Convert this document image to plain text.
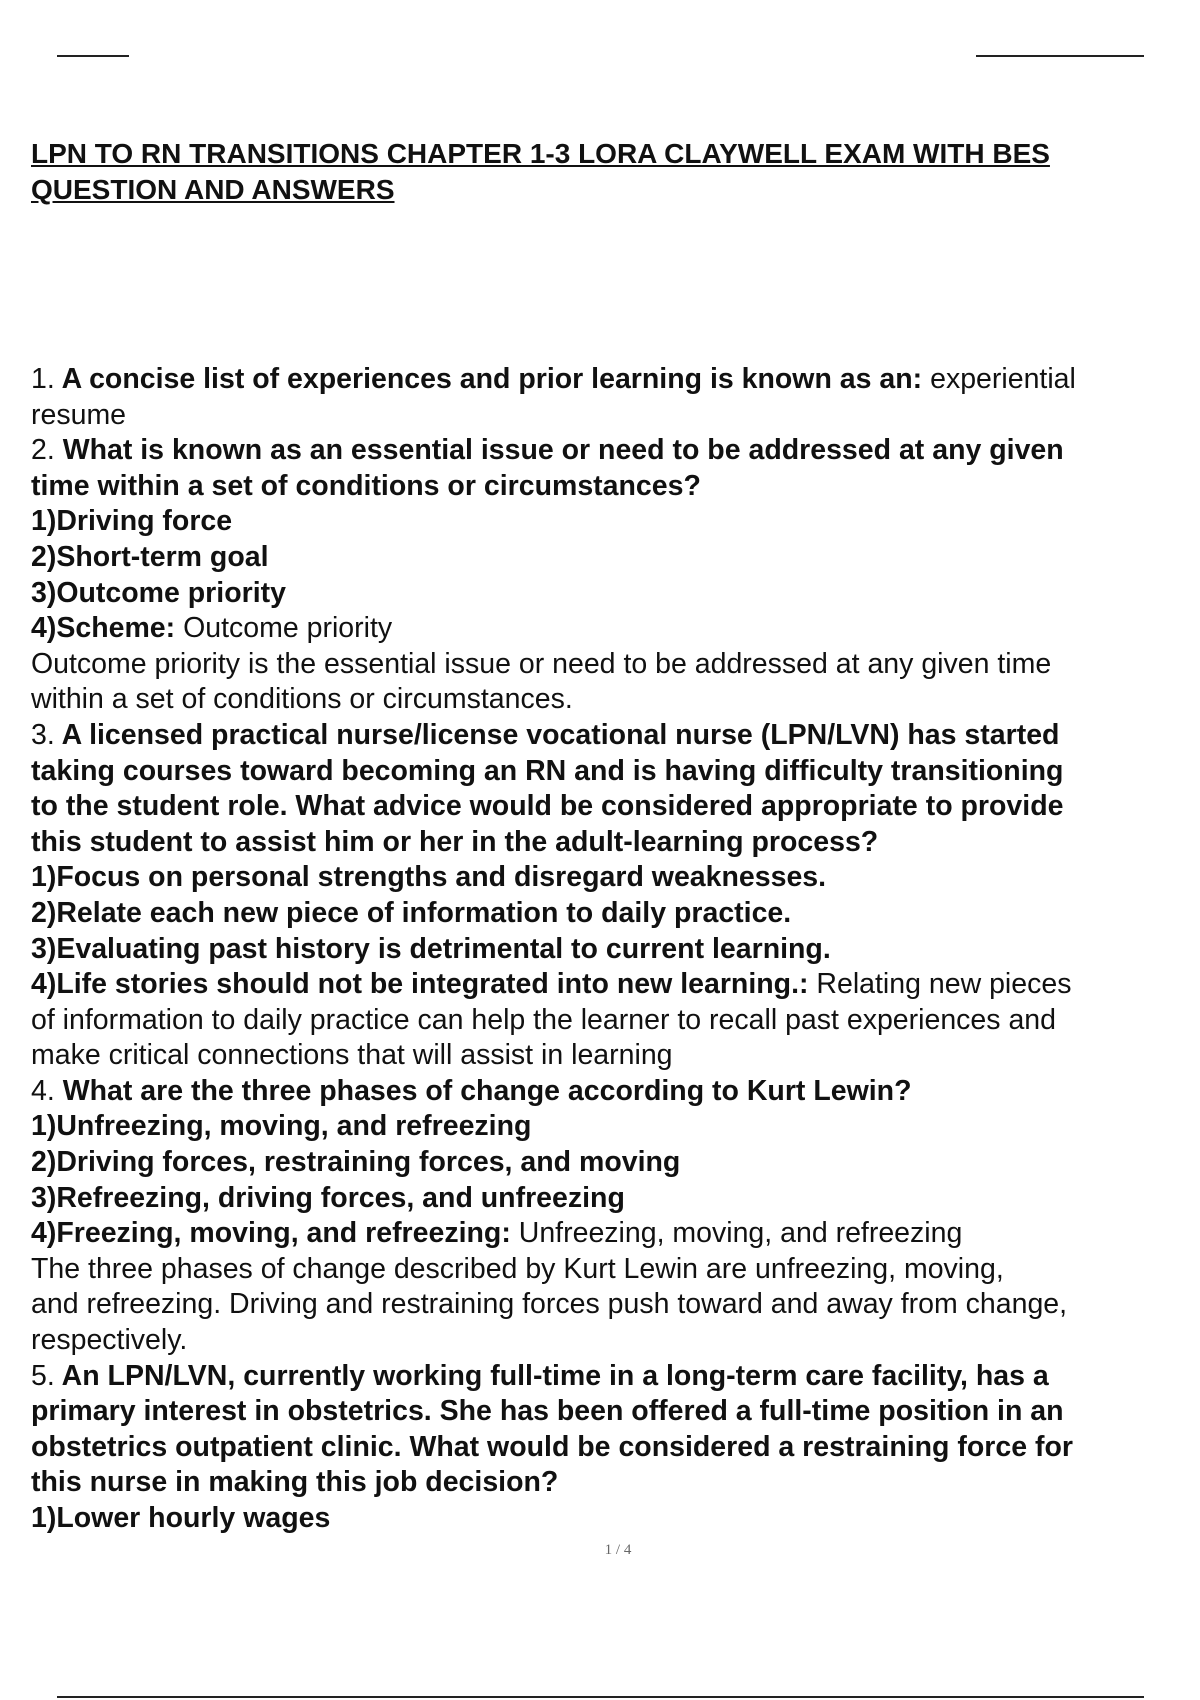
LPN TO RN TRANSITIONS CHAPTER 1-3 LORA CLAYWELL EXAM WITH BES
QUESTION AND ANSWERS
1. A concise list of experiences and prior learning is known as an: experiential
resume
2. What is known as an essential issue or need to be addressed at any given
time within a set of conditions or circumstances?
1)Driving force
2)Short-term goal
3)Outcome priority
4)Scheme: Outcome priority
Outcome priority is the essential issue or need to be addressed at any given time
within a set of conditions or circumstances.
3. A licensed practical nurse/license vocational nurse (LPN/LVN) has started
taking courses toward becoming an RN and is having difficulty transitioning
to the student role. What advice would be considered appropriate to provide
this student to assist him or her in the adult-learning process?
1)Focus on personal strengths and disregard weaknesses.
2)Relate each new piece of information to daily practice.
3)Evaluating past history is detrimental to current learning.
4)Life stories should not be integrated into new learning.: Relating new pieces
of information to daily practice can help the learner to recall past experiences and
make critical connections that will assist in learning
4. What are the three phases of change according to Kurt Lewin?
1)Unfreezing, moving, and refreezing
2)Driving forces, restraining forces, and moving
3)Refreezing, driving forces, and unfreezing
4)Freezing, moving, and refreezing: Unfreezing, moving, and refreezing
The three phases of change described by Kurt Lewin are unfreezing, moving,
and refreezing. Driving and restraining forces push toward and away from change,
respectively.
5. An LPN/LVN, currently working full-time in a long-term care facility, has a
primary interest in obstetrics. She has been offered a full-time position in an
obstetrics outpatient clinic. What would be considered a restraining force for
this nurse in making this job decision?
1)Lower hourly wages
1 / 4
